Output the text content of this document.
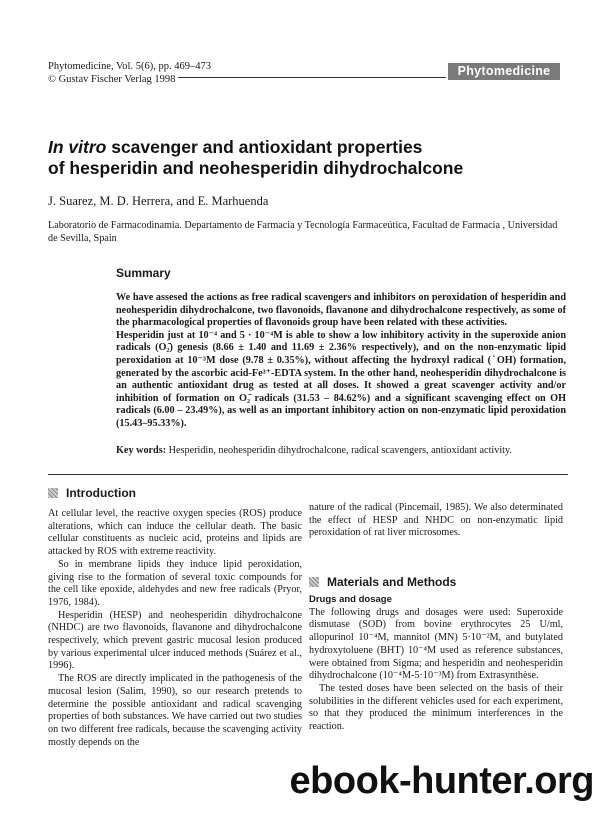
Phytomedicine, Vol. 5(6), pp. 469–473
© Gustav Fischer Verlag 1998
Phytomedicine
In vitro scavenger and antioxidant properties
of hesperidin and neohesperidin dihydrochalcone
J. Suarez, M. D. Herrera, and E. Marhuenda
Laboratorio de Farmacodinamia. Departamento de Farmacia y Tecnología Farmaceútica, Facultad de Farmacia , Universidad de Sevilla, Spain
Summary

We have assesed the actions as free radical scavengers and inhibitors on peroxidation of hesperidin and neohesperidin dihydrochalcone, two flavonoids, flavanone and dihydrochalcone respectively, as some of the pharmacological properties of flavonoids group have been related with these activities.

Hesperidin just at 10⁻⁴ and 5 · 10⁻⁴M is able to show a low inhibitory activity in the superoxide anion radicals (O₂̄) genesis (8.66 ± 1.40 and 11.69 ± 2.36% respectively), and on the non-enzymatic lipid peroxidation at 10⁻³M dose (9.78 ± 0.35%), without affecting the hydroxyl radical (˙OH) formation, generated by the ascorbic acid-Fe³⁺-EDTA system. In the other hand, neohesperidin dihydrochalcone is an authentic antioxidant drug as tested at all doses. It showed a great scavenger activity and/or inhibition of formation on O₂̄ radicals (31.53 – 84.62%) and a significant scavenging effect on OH radicals (6.00 – 23.49%), as well as an important inhibitory action on non-enzymatic lipid peroxidation (15.43–95.33%).

Key words: Hesperidin, neohesperidin dihydrochalcone, radical scavengers, antioxidant activity.
Introduction

At cellular level, the reactive oxygen species (ROS) produce alterations, which can induce the cellular death. The basic cellular constituents as nucleic acid, proteins and lipids are attacked by ROS with extreme reactivity.

So in membrane lipids they induce lipid peroxidation, giving rise to the formation of several toxic compounds for the cell like epoxide, aldehydes and new free radicals (Pryor, 1976, 1984).

Hesperidin (HESP) and neohesperidin dihydrochalcone (NHDC) are two flavonoids, flavanone and dihydrochalcone respectively, which prevent gastric mucosal lesion produced by various experimental ulcer induced methods (Suárez et al., 1996).

The ROS are directly implicated in the pathogenesis of the mucosal lesion (Salim, 1990), so our research pretends to determine the possible antioxidant and radical scavenging properties of both substances. We have carried out two studies on two different free radicals, because the scavenging activity mostly depends on the

nature of the radical (Pincemail, 1985). We also determinated the effect of HESP and NHDC on non-enzymatic lipid peroxidation of rat liver microsomes.

Materials and Methods
Drugs and dosage

The following drugs and dosages were used: Superoxide dismutase (SOD) from bovine erythrocytes 25 U/ml, allopurinol 10⁻⁴M, mannitol (MN) 5·10⁻²M, and butylated hydroxytoluene (BHT) 10⁻⁴M used as reference substances, were obtained from Sigma; and hesperidin and neohesperidin dihydrochalcone (10⁻⁴M-5·10⁻³M) from Extrasynthèse.

The tested doses have been selected on the basis of their solubilities in the different vehicles used for each experiment, so that they produced the minimum interferences in the reaction.

ebook-hunter.org
